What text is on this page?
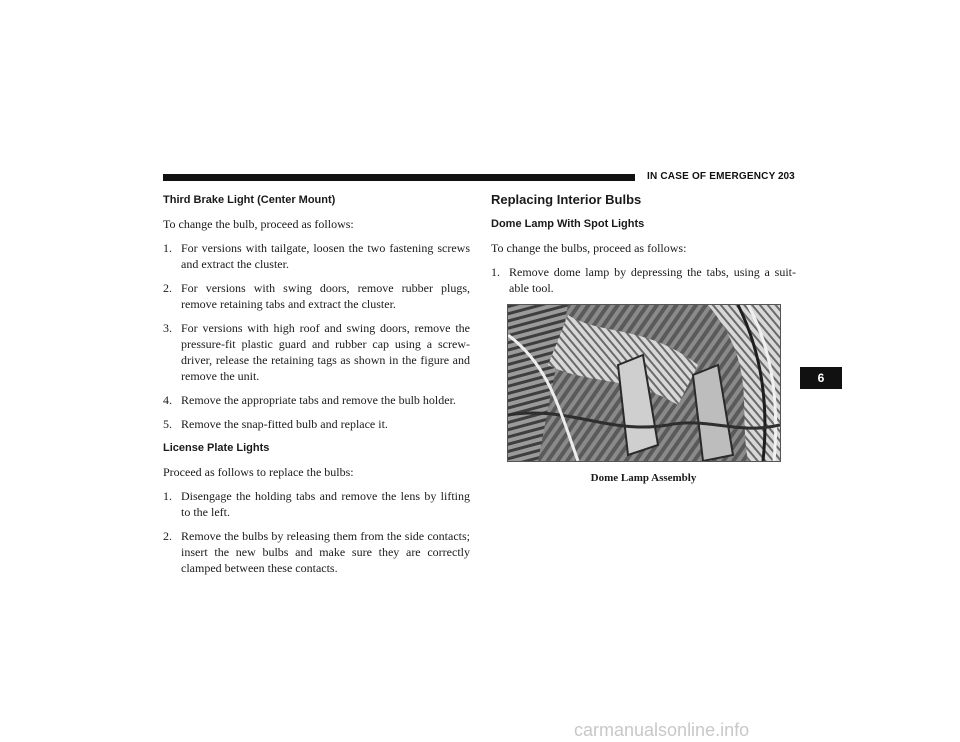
IN CASE OF EMERGENCY 203
Third Brake Light (Center Mount)

To change the bulb, proceed as follows:

1. For versions with tailgate, loosen the two fastening screws and extract the cluster.
2. For versions with swing doors, remove rubber plugs, remove retaining tabs and extract the cluster.
3. For versions with high roof and swing doors, remove the pressure-fit plastic guard and rubber cap using a screw-driver, release the retaining tags as shown in the figure and remove the unit.
4. Remove the appropriate tabs and remove the bulb holder.
5. Remove the snap-fitted bulb and replace it.
License Plate Lights

Proceed as follows to replace the bulbs:

1. Disengage the holding tabs and remove the lens by lifting to the left.
2. Remove the bulbs by releasing them from the side contacts; insert the new bulbs and make sure they are correctly clamped between these contacts.
Replacing Interior Bulbs
Dome Lamp With Spot Lights

To change the bulbs, proceed as follows:

1. Remove dome lamp by depressing the tabs, using a suit-able tool.
Dome Lamp Assembly
6
carmanualsonline.info
